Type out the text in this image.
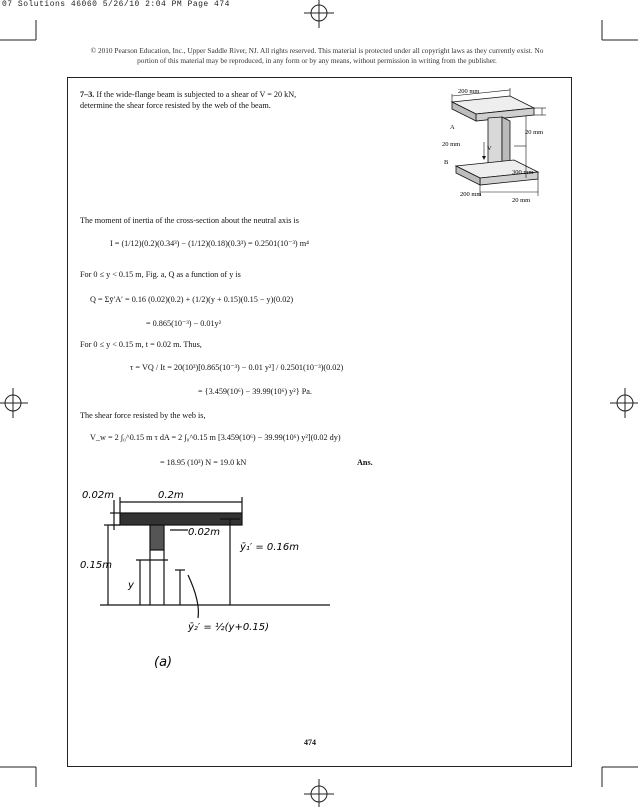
07 Solutions 46060 5/26/10 2:04 PM Page 474
© 2010 Pearson Education, Inc., Upper Saddle River, NJ. All rights reserved. This material is protected under all copyright laws as they currently exist. No portion of this material may be reproduced, in any form or by any means, without permission in writing from the publisher.
7–3. If the wide-flange beam is subjected to a shear of V = 20 kN, determine the shear force resisted by the web of the beam.
200 mm
20 mm
A
20 mm
B
V
300 mm
200 mm
20 mm
The moment of inertia of the cross-section about the neutral axis is
I = (1/12)(0.2)(0.34³) − (1/12)(0.18)(0.3³) = 0.2501(10⁻³) m⁴
For 0 ≤ y < 0.15 m, Fig. a, Q as a function of y is
Q = Σȳ′A′ = 0.16 (0.02)(0.2) + (1/2)(y + 0.15)(0.15 − y)(0.02)
= 0.865(10⁻³) − 0.01y²
For 0 ≤ y < 0.15 m, t = 0.02 m. Thus,
τ = VQ / It = 20(10³)[0.865(10⁻³) − 0.01 y²] / 0.2501(10⁻³)(0.02)
= {3.459(10⁶) − 39.99(10⁶) y²} Pa.
The shear force resisted by the web is,
V_w = 2 ∫₀^0.15 m τ dA = 2 ∫₀^0.15 m [3.459(10⁶) − 39.99(10⁶) y²](0.02 dy)
= 18.95 (10³) N = 19.0 kN	Ans.
0.02m	0.2m
0.02m
0.15m
y
ȳ₁′ = 0.16m
ȳ₂′ = ½(y+0.15)
(a)
474
